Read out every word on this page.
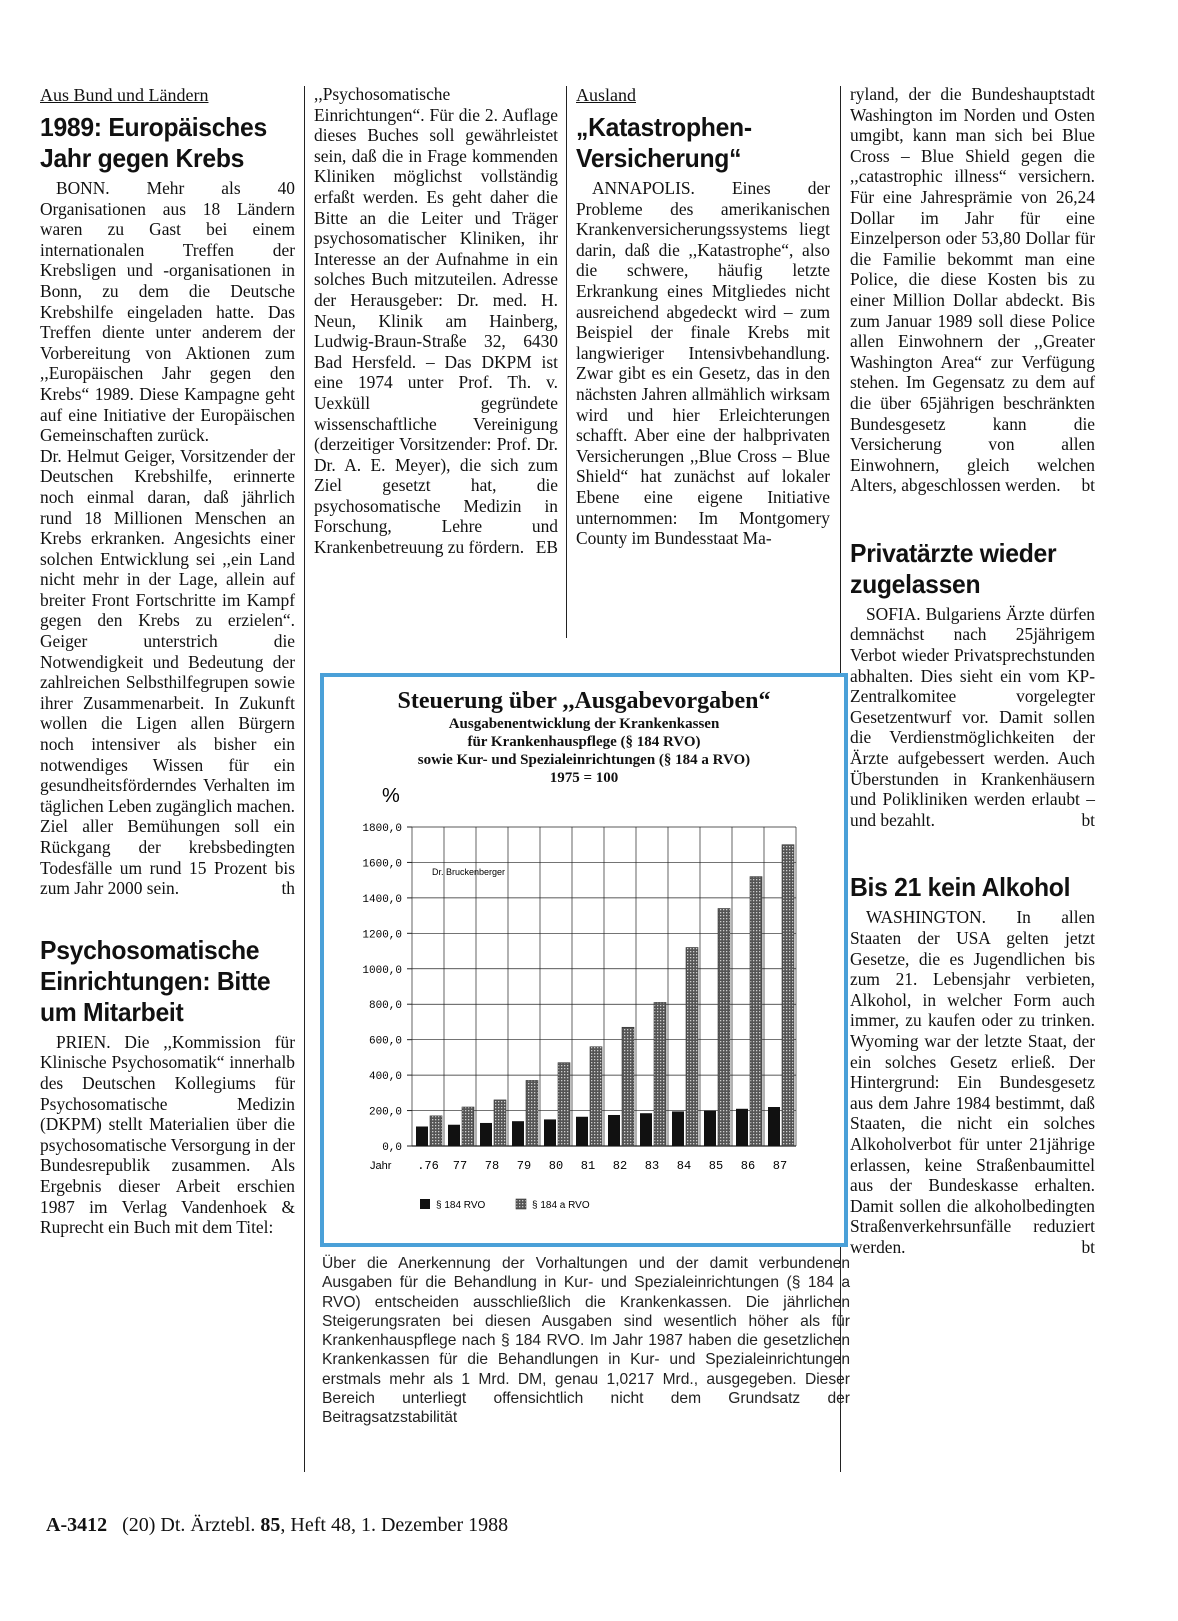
Aus Bund und Ländern
1989: Europäisches Jahr gegen Krebs

BONN. Mehr als 40 Organisationen aus 18 Ländern waren zu Gast bei einem internationalen Treffen der Krebsligen und -organisationen in Bonn, zu dem die Deutsche Krebshilfe eingeladen hatte. Das Treffen diente unter anderem der Vorbereitung von Aktionen zum ,,Europäischen Jahr gegen den Krebs“ 1989. Diese Kampagne geht auf eine Initiative der Europäischen Gemeinschaften zurück.

Dr. Helmut Geiger, Vorsitzender der Deutschen Krebshilfe, erinnerte noch einmal daran, daß jährlich rund 18 Millionen Menschen an Krebs erkranken. Angesichts einer solchen Entwicklung sei ,,ein Land nicht mehr in der Lage, allein auf breiter Front Fortschritte im Kampf gegen den Krebs zu erzielen“. Geiger unterstrich die Notwendigkeit und Bedeutung der zahlreichen Selbsthilfegrupen sowie ihrer Zusammenarbeit. In Zukunft wollen die Ligen allen Bürgern noch intensiver als bisher ein notwendiges Wissen für ein gesundheitsförderndes Verhalten im täglichen Leben zugänglich machen. Ziel aller Bemühungen soll ein Rückgang der krebsbedingten Todesfälle um rund 15 Prozent bis zum Jahr 2000 sein.	th

Psychosomatische Einrichtungen: Bitte um Mitarbeit

PRIEN. Die ,,Kommission für Klinische Psychosomatik“ innerhalb des Deutschen Kollegiums für Psychosomatische Medizin (DKPM) stellt Materialien über die psychosomatische Versorgung in der Bundesrepublik zusammen. Als Ergebnis dieser Arbeit erschien 1987 im Verlag Vandenhoek & Ruprecht ein Buch mit dem Titel:

,,Psychosomatische Einrichtungen“. Für die 2. Auflage dieses Buches soll gewährleistet sein, daß die in Frage kommenden Kliniken möglichst vollständig erfaßt werden. Es geht daher die Bitte an die Leiter und Träger psychosomatischer Kliniken, ihr Interesse an der Aufnahme in ein solches Buch mitzuteilen. Adresse der Herausgeber: Dr. med. H. Neun, Klinik am Hainberg, Ludwig-Braun-Straße 32, 6430 Bad Hersfeld. – Das DKPM ist eine 1974 unter Prof. Th. v. Uexküll gegründete wissenschaftliche Vereinigung (derzeitiger Vorsitzender: Prof. Dr. Dr. A. E. Meyer), die sich zum Ziel gesetzt hat, die psychosomatische Medizin in Forschung, Lehre und Krankenbetreuung zu fördern. EB

Ausland
„Katastrophen-Versicherung“

ANNAPOLIS. Eines der Probleme des amerikanischen Krankenversicherungssystems liegt darin, daß die ,,Katastrophe“, also die schwere, häufig letzte Erkrankung eines Mitgliedes nicht ausreichend abgedeckt wird – zum Beispiel der finale Krebs mit langwieriger Intensivbehandlung. Zwar gibt es ein Gesetz, das in den nächsten Jahren allmählich wirksam wird und hier Erleichterungen schafft. Aber eine der halbprivaten Versicherungen ,,Blue Cross – Blue Shield“ hat zunächst auf lokaler Ebene eine eigene Initiative unternommen: Im Montgomery County im Bundesstaat Ma-

ryland, der die Bundeshauptstadt Washington im Norden und Osten umgibt, kann man sich bei Blue Cross – Blue Shield gegen die ,,catastrophic illness“ versichern. Für eine Jahresprämie von 26,24 Dollar im Jahr für eine Einzelperson oder 53,80 Dollar für die Familie bekommt man eine Police, die diese Kosten bis zu einer Million Dollar abdeckt. Bis zum Januar 1989 soll diese Police allen Einwohnern der ,,Greater Washington Area“ zur Verfügung stehen. Im Gegensatz zu dem auf die über 65jährigen beschränkten Bundesgesetz kann die Versicherung von allen Einwohnern, gleich welchen Alters, abgeschlossen werden. bt

Privatärzte wieder zugelassen

SOFIA. Bulgariens Ärzte dürfen demnächst nach 25jährigem Verbot wieder Privatsprechstunden abhalten. Dies sieht ein vom KP-Zentralkomitee vorgelegter Gesetzentwurf vor. Damit sollen die Verdienstmöglichkeiten der Ärzte aufgebessert werden. Auch Überstunden in Krankenhäusern und Polikliniken werden erlaubt – und bezahlt.	bt

Bis 21 kein Alkohol

WASHINGTON. In allen Staaten der USA gelten jetzt Gesetze, die es Jugendlichen bis zum 21. Lebensjahr verbieten, Alkohol, in welcher Form auch immer, zu kaufen oder zu trinken. Wyoming war der letzte Staat, der ein solches Gesetz erließ. Der Hintergrund: Ein Bundesgesetz aus dem Jahre 1984 bestimmt, daß Staaten, die nicht ein solches Alkoholverbot für unter 21jährige erlassen, keine Straßenbaumittel aus der Bundeskasse erhalten. Damit sollen die alkoholbedingten Straßenverkehrsunfälle reduziert werden.	bt

Steuerung über ,,Ausgabevorgaben“
Ausgabenentwicklung der Krankenkassen
für Krankenhauspflege (§ 184 RVO)
sowie Kur- und Spezialeinrichtungen (§ 184 a RVO)
1975 = 100
%
Dr. Bruckenberger
Jahr
0,0
200,0
400,0
600,0
800,0
1000,0
1200,0
1400,0
1600,0
1800,0
.76 77 78 79 80 81 82 83 84 85 86 87
§ 184 RVO	§ 184 a RVO
Über die Anerkennung der Vorhaltungen und der damit verbundenen Ausgaben für die Behandlung in Kur- und Spezialeinrichtungen (§ 184 a RVO) entscheiden ausschließlich die Krankenkassen. Die jährlichen Steigerungsraten bei diesen Ausgaben sind wesentlich höher als für Krankenhauspflege nach § 184 RVO. Im Jahr 1987 haben die gesetzlichen Krankenkassen für die Behandlungen in Kur- und Spezialeinrichtungen erstmals mehr als 1 Mrd. DM, genau 1,0217 Mrd., ausgegeben. Dieser Bereich unterliegt offensichtlich nicht dem Grundsatz der Beitragsatzstabilität
A-3412 (20) Dt. Ärztebl. 85, Heft 48, 1. Dezember 1988
